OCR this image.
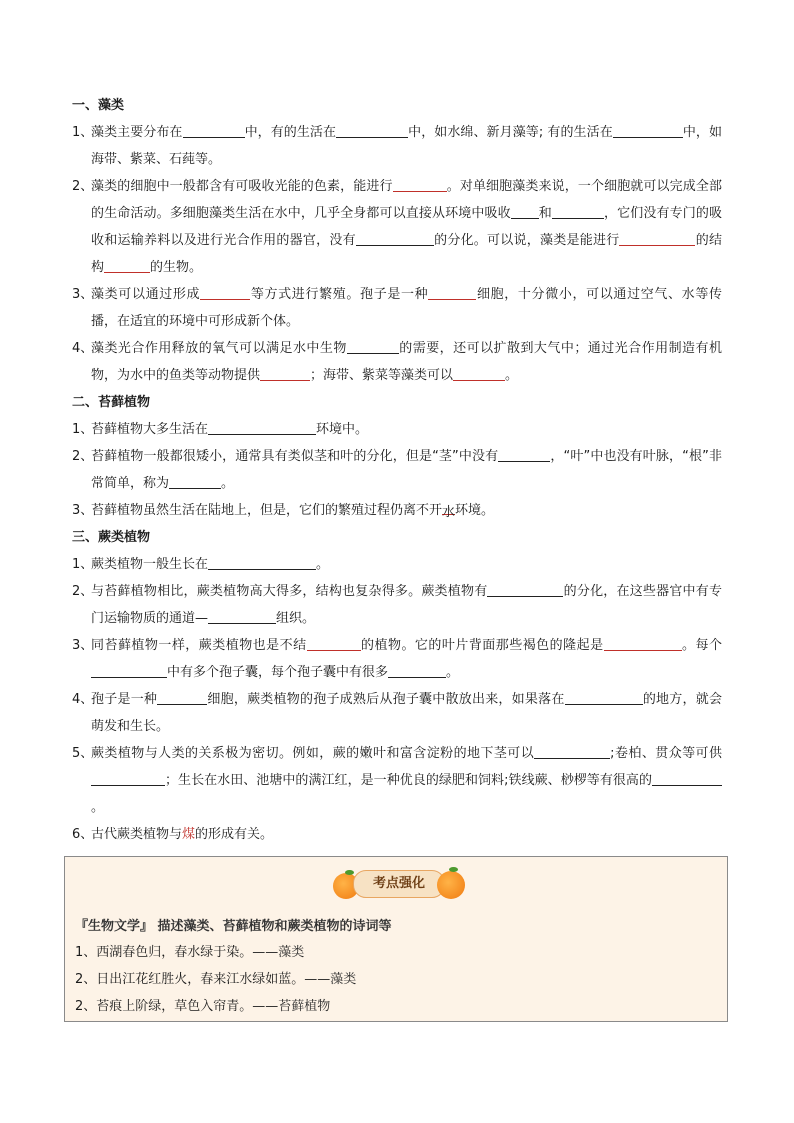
一、藻类
1、
藻类主要分布在	中，有的生活在	中，如水绵、新月藻等; 有的生活在	中，如海带、紫菜、石莼等。
2、
藻类的细胞中一般都含有可吸收光能的色素，能进行	。对单细胞藻类来说，一个细胞就可以完成全部的生命活动。多细胞藻类生活在水中，几乎全身都可以直接从环境中吸收 和	，它们没有专门的吸收和运输养料以及进行光合作用的器官，没有	的分化。可以说，藻类是能进行	的结构	的生物。
3、
藻类可以通过形成	等方式进行繁殖。孢子是一种	细胞，十分微小，可以通过空气、水等传播，在适宜的环境中可形成新个体。
4、
藻类光合作用释放的氧气可以满足水中生物	的需要，还可以扩散到大气中；通过光合作用制造有机物，为水中的鱼类等动物提供	；海带、紫菜等藻类可以	。
二、苔藓植物
1、
苔藓植物大多生活在	环境中。
2、
苔藓植物一般都很矮小，通常具有类似茎和叶的分化，但是“茎”中没有	，“叶”中也没有叶脉，“根”非常简单，称为	。
3、
苔藓植物虽然生活在陆地上，但是，它们的繁殖过程仍离不开水环境。
三、蕨类植物
1、
蕨类植物一般生长在	。
2、
与苔藓植物相比，蕨类植物高大得多，结构也复杂得多。蕨类植物有	的分化，在这些器官中有专门运输物质的通道—	组织。
3、
同苔藓植物一样，蕨类植物也是不结	的植物。它的叶片背面那些褐色的隆起是	。每个中有多个孢子囊，每个孢子囊中有很多	。
4、
孢子是一种	细胞，蕨类植物的孢子成熟后从孢子囊中散放出来，如果落在	的地方，就会萌发和生长。
5、
蕨类植物与人类的关系极为密切。例如，蕨的嫩叶和富含淀粉的地下茎可以	;卷柏、贯众等可供；生长在水田、池塘中的满江红，是一种优良的绿肥和饲料;铁线蕨、桫椤等有很高的。
6、
古代蕨类植物与煤的形成有关。
考点强化
『生物文学』 描述藻类、苔藓植物和蕨类植物的诗词等
1、西湖春色归，春水绿于染。——藻类
2、日出江花红胜火，春来江水绿如蓝。——藻类
2、苔痕上阶绿，草色入帘青。——苔藓植物
